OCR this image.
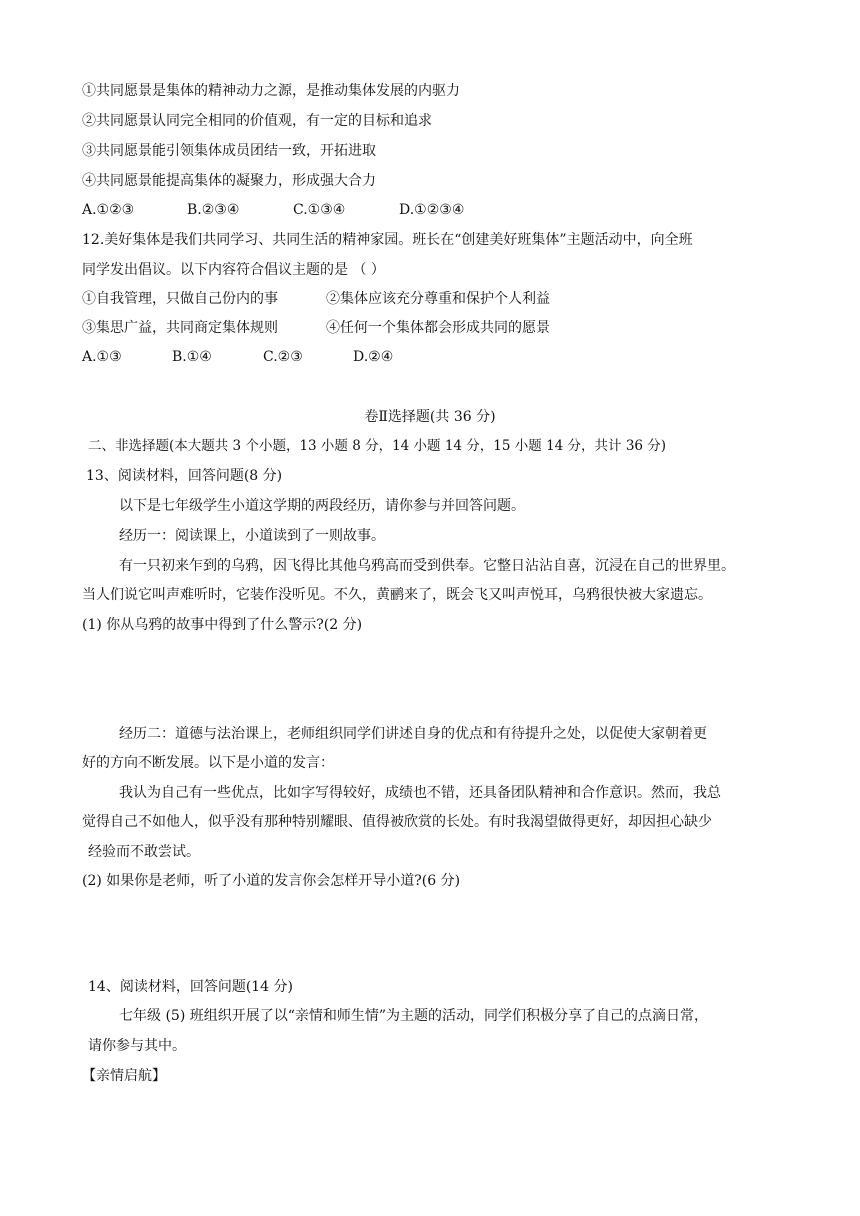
①共同愿景是集体的精神动力之源，是推动集体发展的内驱力
②共同愿景认同完全相同的价值观，有一定的目标和追求
③共同愿景能引领集体成员团结一致，开拓进取
④共同愿景能提高集体的凝聚力，形成强大合力
A.①②③	B.②③④	C.①③④	D.①②③④
12.美好集体是我们共同学习、共同生活的精神家园。班长在“创建美好班集体”主题活动中，向全班
同学发出倡议。以下内容符合倡议主题的是 （ ）
①自我管理，只做自己份内的事	②集体应该充分尊重和保护个人利益
③集思广益，共同商定集体规则	④任何一个集体都会形成共同的愿景
A.①③	B.①④	C.②③	D.②④
卷Ⅱ选择题(共 36 分)
二、非选择题(本大题共 3 个小题，13 小题 8 分，14 小题 14 分，15 小题 14 分，共计 36 分)
13、阅读材料，回答问题(8 分)
以下是七年级学生小道这学期的两段经历，请你参与并回答问题。
经历一：阅读课上，小道读到了一则故事。
有一只初来乍到的乌鸦，因飞得比其他乌鸦高而受到供奉。它整日沾沾自喜，沉浸在自己的世界里。
当人们说它叫声难听时，它装作没听见。不久，黄鹂来了，既会飞又叫声悦耳，乌鸦很快被大家遗忘。
(1) 你从乌鸦的故事中得到了什么警示?(2 分)
经历二：道德与法治课上，老师组织同学们讲述自身的优点和有待提升之处，以促使大家朝着更
好的方向不断发展。以下是小道的发言：
我认为自己有一些优点，比如字写得较好，成绩也不错，还具备团队精神和合作意识。然而，我总
觉得自己不如他人，似乎没有那种特别耀眼、值得被欣赏的长处。有时我渴望做得更好，却因担心缺少
经验而不敢尝试。
(2) 如果你是老师，听了小道的发言你会怎样开导小道?(6 分)
14、阅读材料，回答问题(14 分)
七年级 (5) 班组织开展了以“亲情和师生情”为主题的活动，同学们积极分享了自己的点滴日常，
请你参与其中。
【亲情启航】
